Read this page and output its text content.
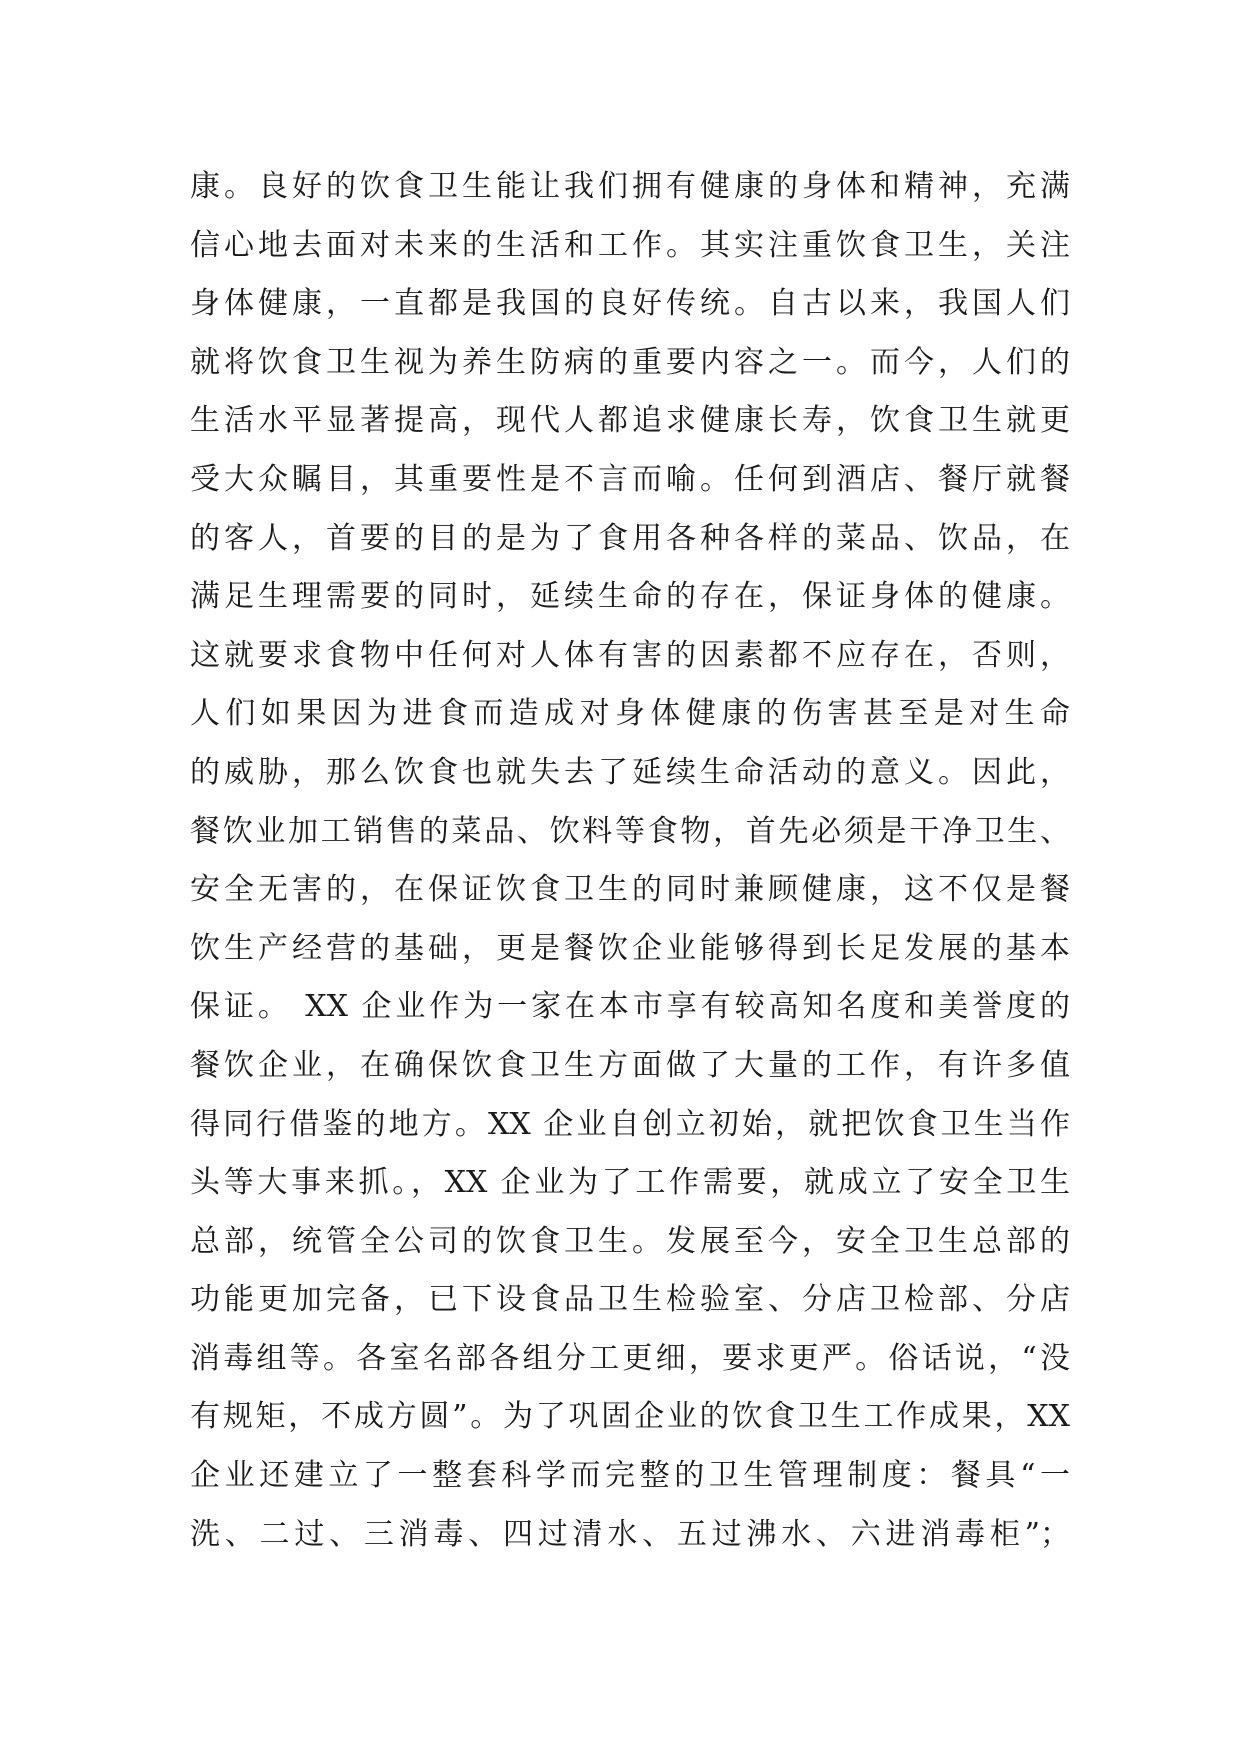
康。良好的饮食卫生能让我们拥有健康的身体和精神，充满
信心地去面对未来的生活和工作。其实注重饮食卫生，关注
身体健康，一直都是我国的良好传统。自古以来，我国人们
就将饮食卫生视为养生防病的重要内容之一。而今，人们的
生活水平显著提高，现代人都追求健康长寿，饮食卫生就更
受大众瞩目，其重要性是不言而喻。任何到酒店、餐厅就餐
的客人，首要的目的是为了食用各种各样的菜品、饮品，在
满足生理需要的同时，延续生命的存在，保证身体的健康。
这就要求食物中任何对人体有害的因素都不应存在，否则，
人们如果因为进食而造成对身体健康的伤害甚至是对生命
的威胁，那么饮食也就失去了延续生命活动的意义。因此，
餐饮业加工销售的菜品、饮料等食物，首先必须是干净卫生、
安全无害的，在保证饮食卫生的同时兼顾健康，这不仅是餐
饮生产经营的基础，更是餐饮企业能够得到长足发展的基本
保证。 XX 企业作为一家在本市享有较高知名度和美誉度的
餐饮企业，在确保饮食卫生方面做了大量的工作，有许多值
得同行借鉴的地方。XX 企业自创立初始，就把饮食卫生当作
头等大事来抓。，XX 企业为了工作需要，就成立了安全卫生
总部，统管全公司的饮食卫生。发展至今，安全卫生总部的
功能更加完备，已下设食品卫生检验室、分店卫检部、分店
消毒组等。各室名部各组分工更细，要求更严。俗话说，“没
有规矩，不成方圆”。为了巩固企业的饮食卫生工作成果，XX
企业还建立了一整套科学而完整的卫生管理制度：餐具“一
洗、二过、三消毒、四过清水、五过沸水、六进消毒柜”；
